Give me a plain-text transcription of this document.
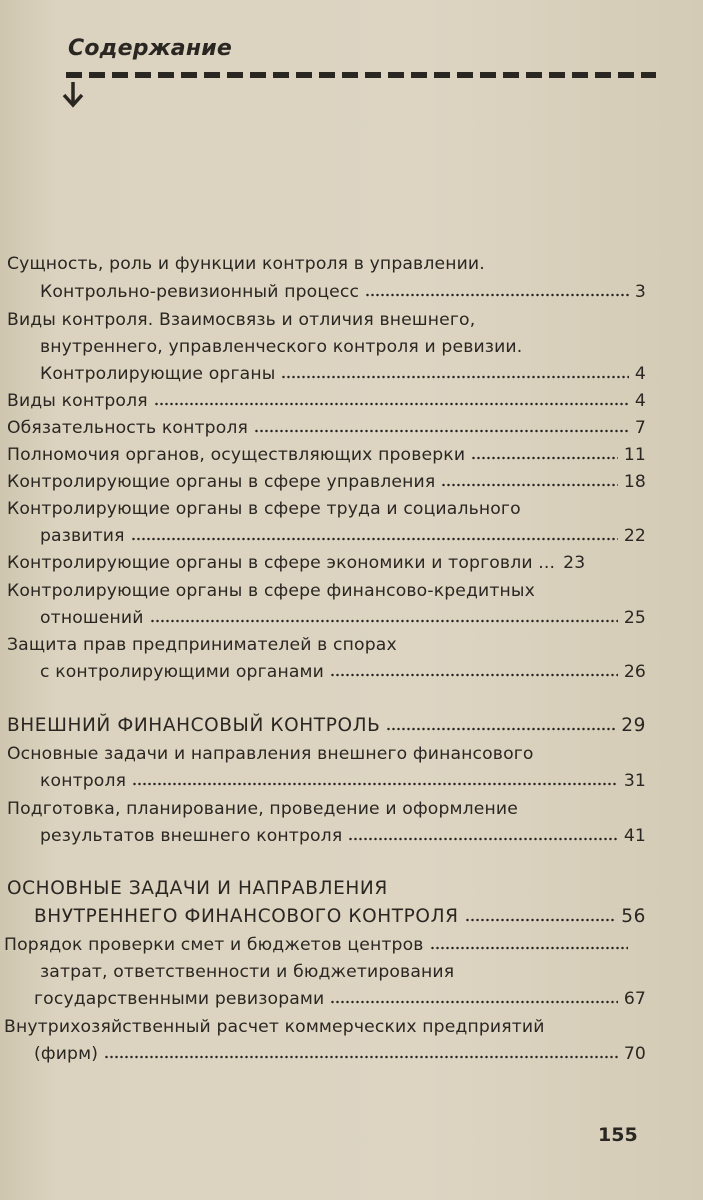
Содержание
Сущность, роль и функции контроля в управлении.
Контрольно-ревизионный процесс	3
Виды контроля. Взаимосвязь и отличия внешнего,
внутреннего, управленческого контроля и ревизии.
Контролирующие органы	4
Виды контроля	4
Обязательность контроля	7
Полномочия органов, осуществляющих проверки	11
Контролирующие органы в сфере управления	18
Контролирующие органы в сфере труда и социального
развития	22
Контролирующие органы в сфере экономики и торговли ... 23
Контролирующие органы в сфере финансово-кредитных
отношений	25
Защита прав предпринимателей в спорах
с контролирующими органами	26
ВНЕШНИЙ ФИНАНСОВЫЙ КОНТРОЛЬ	29
Основные задачи и направления внешнего финансового
контроля	31
Подготовка, планирование, проведение и оформление
результатов внешнего контроля	41
ОСНОВНЫЕ ЗАДАЧИ И НАПРАВЛЕНИЯ
ВНУТРЕННЕГО ФИНАНСОВОГО КОНТРОЛЯ	56
Порядок проверки смет и бюджетов центров
затрат, ответственности и бюджетирования
государственными ревизорами	67
Внутрихозяйственный расчет коммерческих предприятий
(фирм)	70
155
